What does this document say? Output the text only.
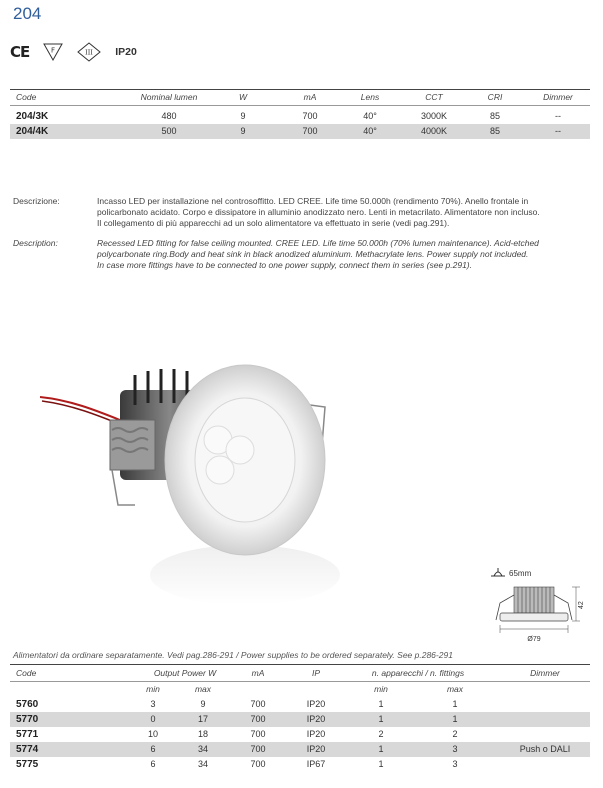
204
CE	F	III IP20
Code	Nominal lumen	W	mA	Lens	CCT	CRI	Dimmer
204/3K	480	9	700	40°	3000K	85	--
204/4K	500	9	700	40°	4000K	85	--
Descrizione:	Incasso LED per installazione nel controsoffitto. LED CREE. Life time 50.000h (rendimento 70%). Anello frontale in
policarbonato acidato. Corpo e dissipatore in alluminio anodizzato nero. Lenti in metacrilato. Alimentatore non incluso.
Il collegamento di più apparecchi ad un solo alimentatore va effettuato in serie (vedi pag.291).
Description:	Recessed LED fitting for false ceiling mounted. CREE LED. Life time 50.000h (70% lumen maintenance). Acid-etched
polycarbonate ring.Body and heat sink in black anodized aluminium. Methacrylate lens. Power supply not included.
In case more fittings have to be connected to one power supply, connect them in series (see p.291).
65mm
42
Ø79
Alimentatori da ordinare separatamente. Vedi pag.286-291 / Power supplies to be ordered separately. See p.286-291
Code	Output Power W	mA	IP	n. apparecchi / n. fittings	Dimmer
min	max	min	max
5760	3	9	700	IP20	1	1
5770	0	17	700	IP20	1	1
5771	10	18	700	IP20	2	2
5774	6	34	700	IP20	1	3	Push o DALI
5775	6	34	700	IP67	1	3
